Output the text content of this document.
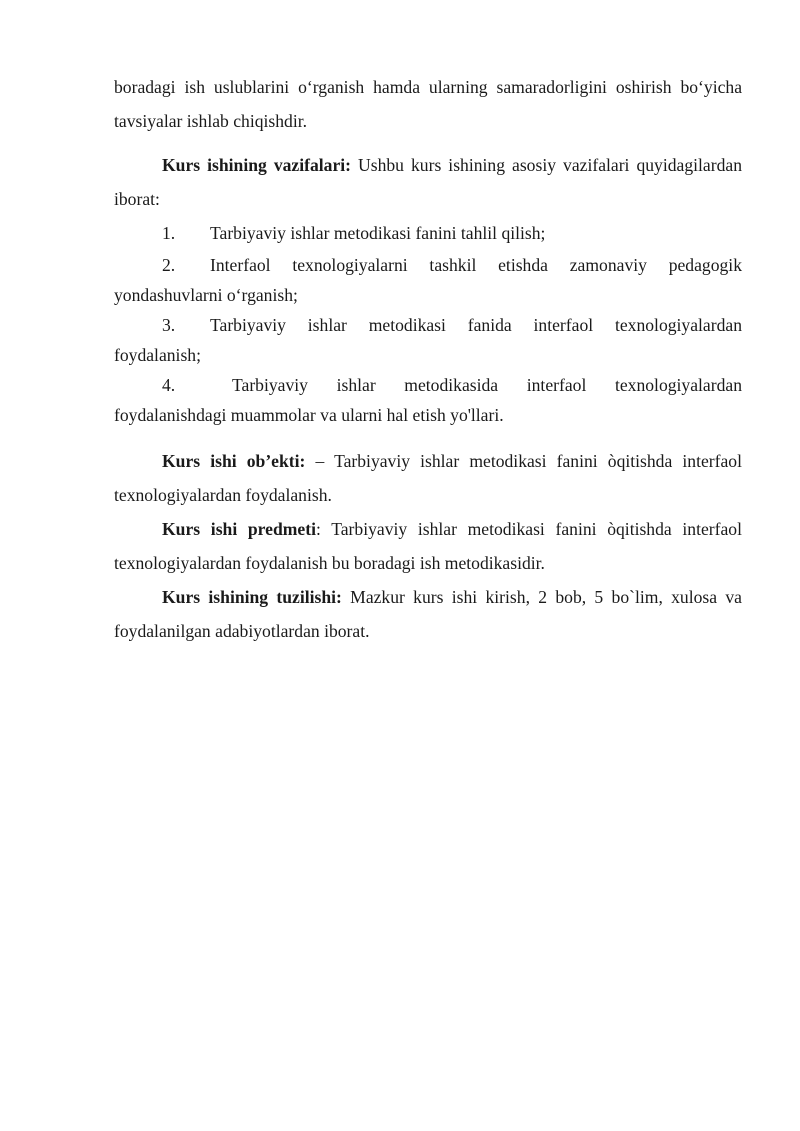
boradagi ish uslublarini o‘rganish hamda ularning samaradorligini oshirish bo‘yicha tavsiyalar ishlab chiqishdir.

Kurs ishining vazifalari: Ushbu kurs ishining asosiy vazifalari quyidagilardan iborat:

1. Tarbiyaviy ishlar metodikasi fanini tahlil qilish;

2. Interfaol texnologiyalarni tashkil etishda zamonaviy pedagogik yondashuvlarni o‘rganish;

3. Tarbiyaviy ishlar metodikasi fanida interfaol texnologiyalardan foydalanish;

4.	Tarbiyaviy ishlar metodikasida interfaol texnologiyalardan foydalanishdagi muammolar va ularni hal etish yo'llari.

Kurs ishi ob’ekti: – Tarbiyaviy ishlar metodikasi fanini òqitishda interfaol texnologiyalardan foydalanish.

Kurs ishi predmeti: Tarbiyaviy ishlar metodikasi fanini òqitishda interfaol texnologiyalardan foydalanish bu boradagi ish metodikasidir.

Kurs ishining tuzilishi: Mazkur kurs ishi kirish, 2 bob, 5 bo`lim, xulosa va foydalanilgan adabiyotlardan iborat.
